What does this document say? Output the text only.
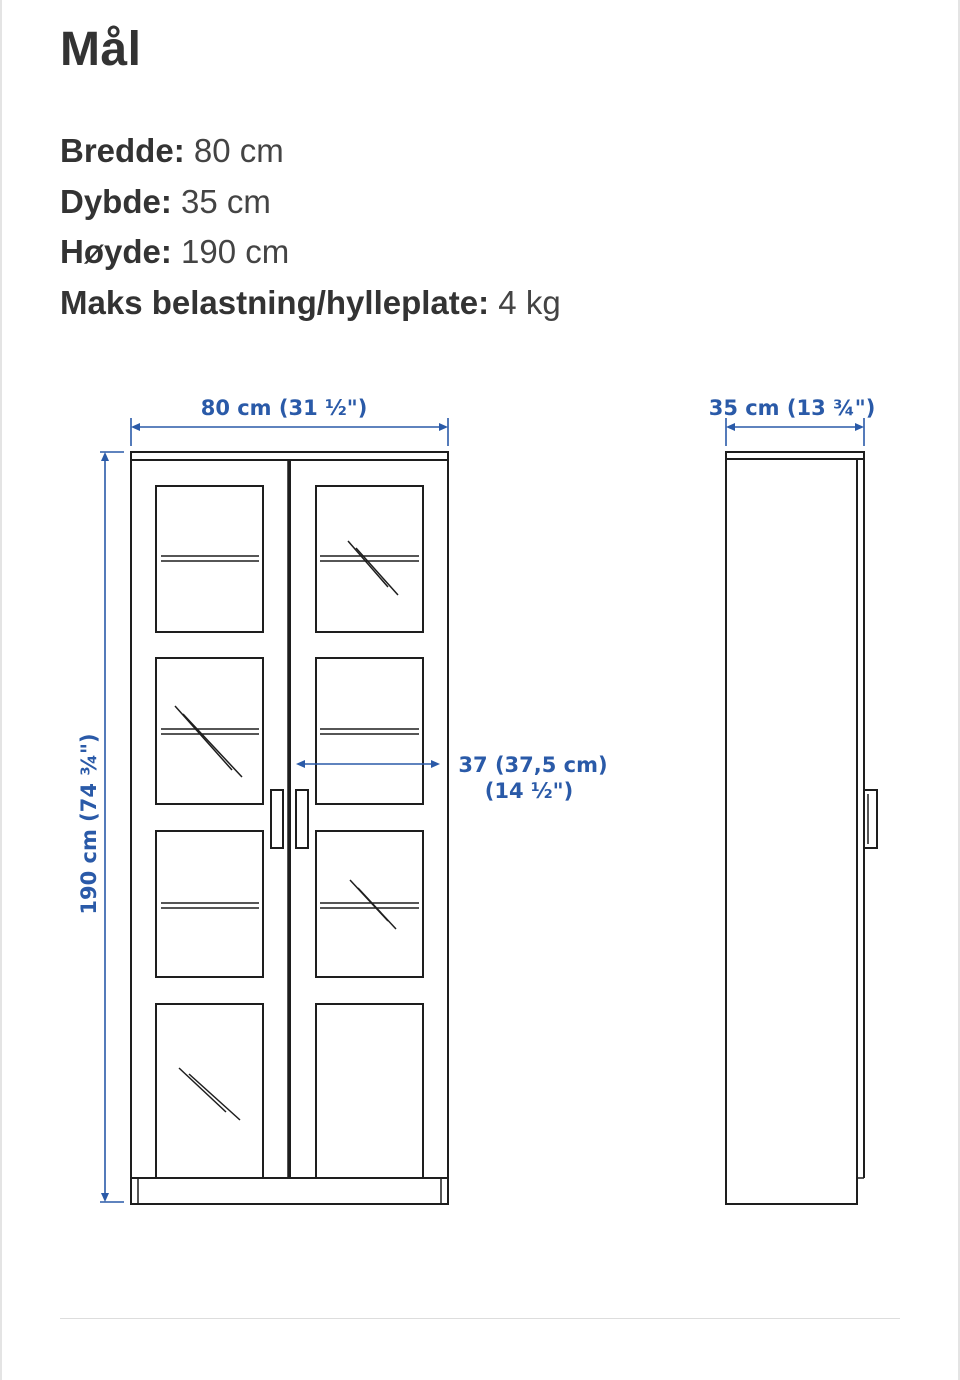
Mål
Bredde: 80 cm
Dybde: 35 cm
Høyde: 190 cm
Maks belastning/hylleplate: 4 kg
80 cm (31 ½")
190 cm (74 ¾")	37 (37,5 cm)
(14 ½")
35 cm (13 ¾")
